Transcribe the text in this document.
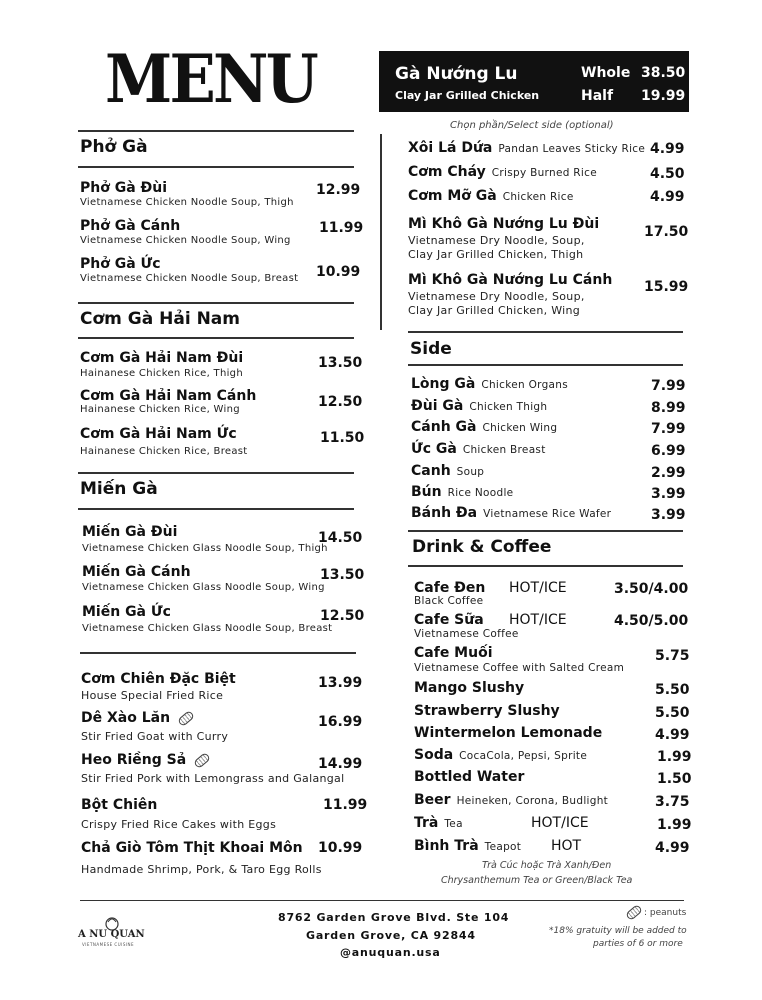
MENU	Gà Nướng Lu
Clay Jar Grilled Chicken
Whole 38.50
Half 19.99
Chọn phần/Select side (optional)
Phở Gà
Phở Gà Đùi
Vietnamese Chicken Noodle Soup, Thigh
12.99
Phở Gà Cánh
Vietnamese Chicken Noodle Soup, Wing
11.99
Phở Gà Ức
Vietnamese Chicken Noodle Soup, Breast 10.99
Cơm Gà Hải Nam
Cơm Gà Hải Nam Đùi
Hainanese Chicken Rice, Thigh
13.50
Cơm Gà Hải Nam Cánh
Hainanese Chicken Rice, Wing	12.50
Cơm Gà Hải Nam Ức
Hainanese Chicken Rice, Breast
11.50
Miến Gà
Miến Gà Đùi
Vietnamese Chicken Glass Noodle Soup, Thigh
14.50
Miến Gà Cánh
Vietnamese Chicken Glass Noodle Soup, Wing
13.50
Miến Gà Ức
Vietnamese Chicken Glass Noodle Soup, Breast
12.50
Cơm Chiên Đặc Biệt
House Special Fried Rice
13.99
Dê Xào Lăn
Stir Fried Goat with Curry
16.99
Heo Riềng Sả
Stir Fried Pork with Lemongrass and Galangal
14.99
Bột Chiên
Crispy Fried Rice Cakes with Eggs
11.99
Chả Giò Tôm Thịt Khoai Môn
Handmade Shrimp, Pork, & Taro Egg Rolls
10.99
Xôi Lá Dứa Pandan Leaves Sticky Rice 4.99
Cơm Cháy Crispy Burned Rice	4.50
Cơm Mỡ Gà Chicken Rice	4.99
Mì Khô Gà Nướng Lu Đùi
Vietnamese Dry Noodle, Soup,
Clay Jar Grilled Chicken, Thigh
17.50
Mì Khô Gà Nướng Lu Cánh
Vietnamese Dry Noodle, Soup,
Clay Jar Grilled Chicken, Wing
15.99
Side
Lòng Gà Chicken Organs	7.99
Đùi Gà Chicken Thigh	8.99
Cánh Gà Chicken Wing	7.99
Ức Gà Chicken Breast	6.99
Canh Soup	2.99
Bún Rice Noodle	3.99
Bánh Đa Vietnamese Rice Wafer	3.99
Drink & Coffee
Cafe Đen HOT/ICE
Black Coffee
3.50/4.00
Cafe Sữa HOT/ICE
Vietnamese Coffee
4.50/5.00
Cafe Muối
Vietnamese Coffee with Salted Cream
5.75
Mango Slushy	5.50
Strawberry Slushy	5.50
Wintermelon Lemonade	4.99
Soda CocaCola, Pepsi, Sprite	1.99
Bottled Water	1.50
Beer Heineken, Corona, Budlight	3.75
Trà Tea	HOT/ICE	1.99
Bình Trà Teapot HOT	4.99
Trà Cúc hoặc Trà Xanh/Đen
Chrysanthemum Tea or Green/Black Tea
A NU QUAN
VIETNAMESE CUISINE
8762 Garden Grove Blvd. Ste 104
Garden Grove, CA 92844
@anuquan.usa
: peanuts
*18% gratuity will be added to
parties of 6 or more
